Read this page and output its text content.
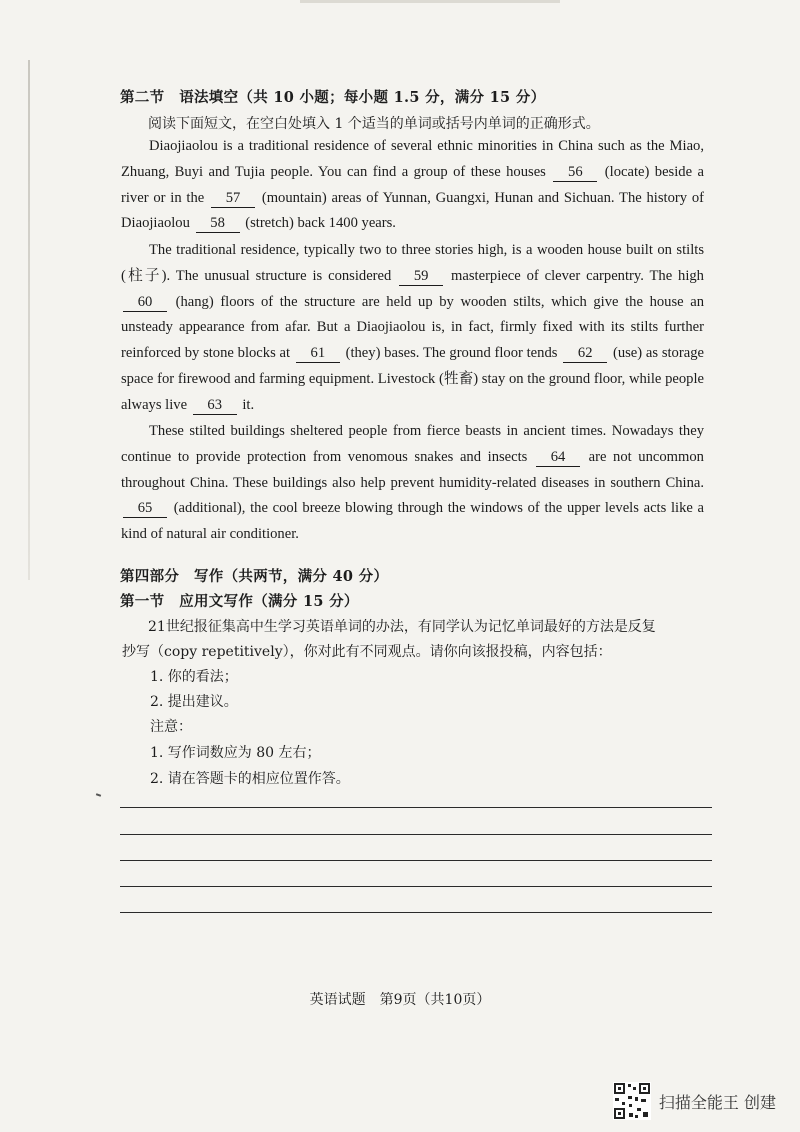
第二节　语法填空（共 10 小题；每小题 1.5 分，满分 15 分）
阅读下面短文，在空白处填入 1 个适当的单词或括号内单词的正确形式。
Diaojiaolou is a traditional residence of several ethnic minorities in China such as the Miao, Zhuang, Buyi and Tujia people. You can find a group of these houses 56 (locate) beside a river or in the 57 (mountain) areas of Yunnan, Guangxi, Hunan and Sichuan. The history of Diaojiaolou 58 (stretch) back 1400 years.
The traditional residence, typically two to three stories high, is a wooden house built on stilts (柱子). The unusual structure is considered 59 masterpiece of clever carpentry. The high 60 (hang) floors of the structure are held up by wooden stilts, which give the house an unsteady appearance from afar. But a Diaojiaolou is, in fact, firmly fixed with its stilts further reinforced by stone blocks at 61 (they) bases. The ground floor tends 62 (use) as storage space for firewood and farming equipment. Livestock (牲畜) stay on the ground floor, while people always live 63 it.
These stilted buildings sheltered people from fierce beasts in ancient times. Nowadays they continue to provide protection from venomous snakes and insects 64 are not uncommon throughout China. These buildings also help prevent humidity-related diseases in southern China. 65 (additional), the cool breeze blowing through the windows of the upper levels acts like a kind of natural air conditioner.
第四部分　写作（共两节，满分 40 分）
第一节　应用文写作（满分 15 分）
21世纪报征集高中生学习英语单词的办法，有同学认为记忆单词最好的方法是反复
抄写（copy repetitively），你对此有不同观点。请你向该报投稿，内容包括：
1. 你的看法；
2. 提出建议。
注意：
1. 写作词数应为 80 左右；
2. 请在答题卡的相应位置作答。
英语试题　第9页（共10页）
扫描全能王 创建
